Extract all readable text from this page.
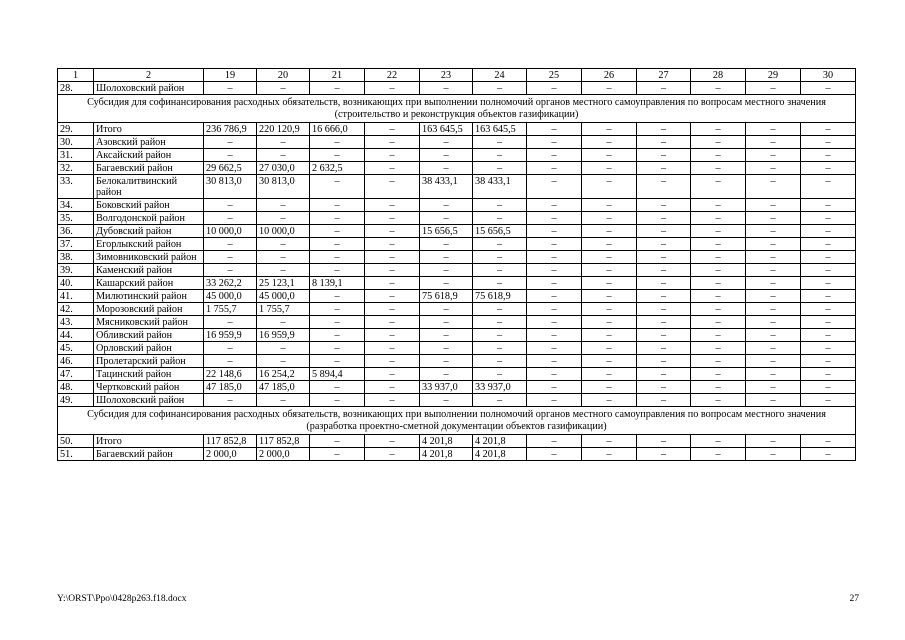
1	2	19	20	21	22	23	24	25	26	27	28	29	30
28.	Шолоховский район	–	–	–	–	–	–	–	–	–	–	–	–
Субсидия для софинансирования расходных обязательств, возникающих при выполнении полномочий органов местного самоуправления по вопросам местного значения (строительство и реконструкция объектов газификации)													
29.	Итого	236 786,9	220 120,9	16 666,0	–	163 645,5	163 645,5	–	–	–	–	–	–
30.	Азовский район	–	–	–	–	–	–	–	–	–	–	–	–
31.	Аксайский район	–	–	–	–	–	–	–	–	–	–	–	–
32.	Багаевский район	29 662,5	27 030,0	2 632,5	–	–	–	–	–	–	–	–	–
33.	Белокалитвинский район	30 813,0	30 813,0	–	–	38 433,1	38 433,1	–	–	–	–	–	–
34.	Боковский район	–	–	–	–	–	–	–	–	–	–	–	–
35.	Волгодонской район	–	–	–	–	–	–	–	–	–	–	–	–
36.	Дубовский район	10 000,0	10 000,0	–	–	15 656,5	15 656,5	–	–	–	–	–	–
37.	Егорлыкский район	–	–	–	–	–	–	–	–	–	–	–	–
38.	Зимовниковский район	–	–	–	–	–	–	–	–	–	–	–	–
39.	Каменский район	–	–	–	–	–	–	–	–	–	–	–	–
40.	Кашарский район	33 262,2	25 123,1	8 139,1	–	–	–	–	–	–	–	–	–
41.	Милютинский район	45 000,0	45 000,0	–	–	75 618,9	75 618,9	–	–	–	–	–	–
42.	Морозовский район	1 755,7	1 755,7	–	–	–	–	–	–	–	–	–	–
43.	Мясниковский район	–	–	–	–	–	–	–	–	–	–	–	–
44.	Обливский район	16 959,9	16 959,9	–	–	–	–	–	–	–	–	–	–
45.	Орловский район	–	–	–	–	–	–	–	–	–	–	–	–
46.	Пролетарский район	–	–	–	–	–	–	–	–	–	–	–	–
47.	Тацинский район	22 148,6	16 254,2	5 894,4	–	–	–	–	–	–	–	–	–
48.	Чертковский район	47 185,0	47 185,0	–	–	33 937,0	33 937,0	–	–	–	–	–	–
49.	Шолоховский район	–	–	–	–	–	–	–	–	–	–	–	–
Субсидия для софинансирования расходных обязательств, возникающих при выполнении полномочий органов местного самоуправления по вопросам местного значения (разработка проектно-сметной документации объектов газификации)													
50.	Итого	117 852,8	117 852,8	–	–	4 201,8	4 201,8	–	–	–	–	–	–
51.	Багаевский район	2 000,0	2 000,0	–	–	4 201,8	4 201,8	–	–	–	–	–	–
Y:\ORST\Ppo\0428p263.f18.docx	27
